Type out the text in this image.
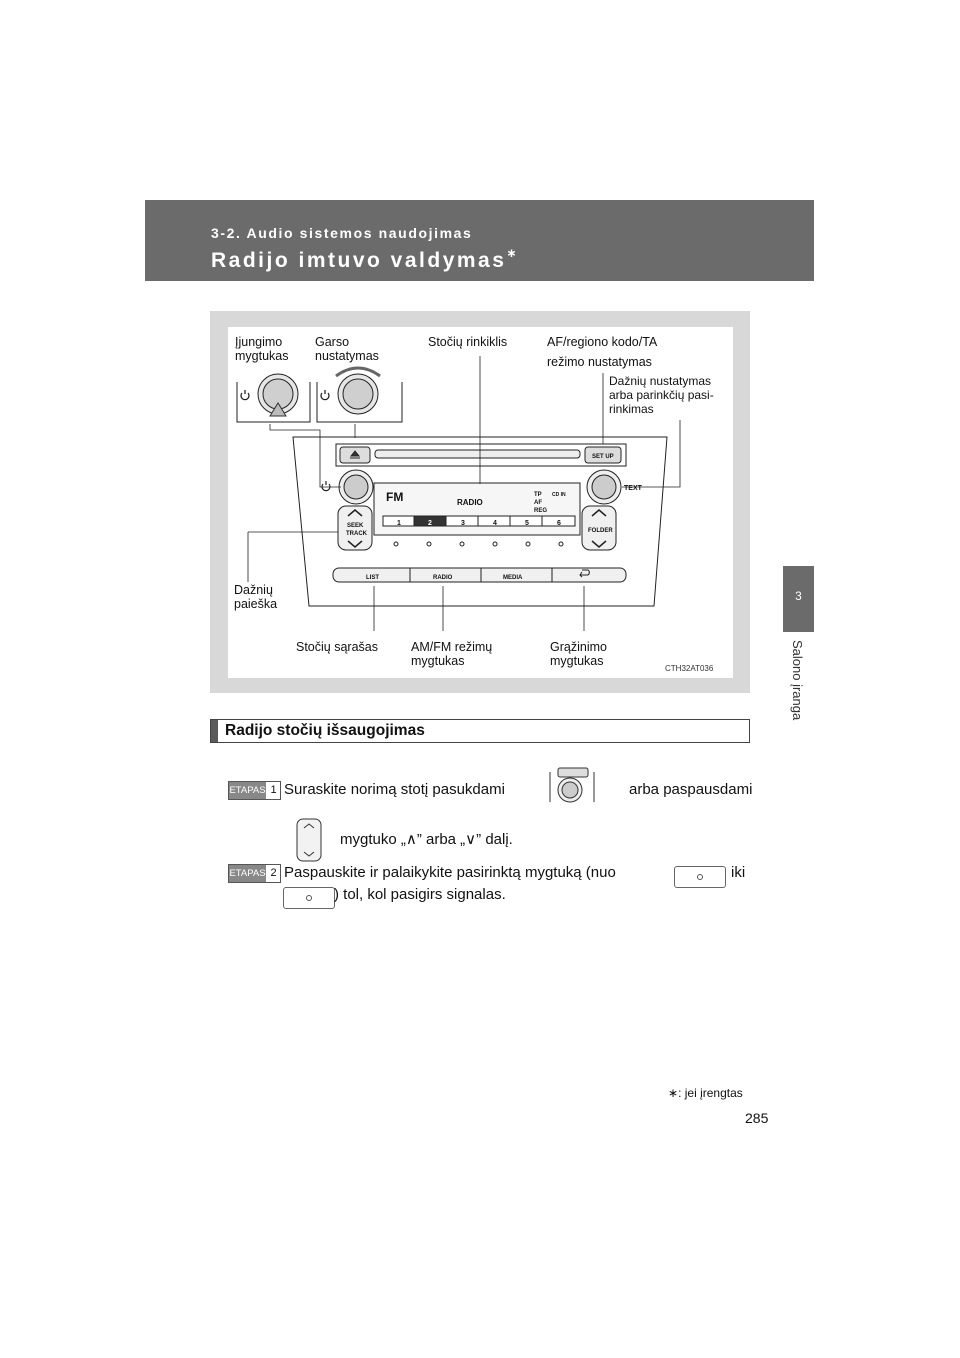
3-2. Audio sistemos naudojimas
Radijo imtuvo valdymas∗
3
Salono įranga
SET UP
TEXT
FM	RADIO
TP
AF
REG
CD IN
1	2	3	4	5	6
SEEK
TRACK	FOLDER
LIST	RADIO	MEDIA
Įjungimo
mygtukas
Garso
nustatymas
Stočių rinkiklis	AF/regiono kodo/TA
režimo nustatymas
Dažnių nustatymas
arba parinkčių pasi-
rinkimas
Dažnių
paieška
Stočių sąrašas	AM/FM režimų
mygtukas
Grąžinimo
mygtukas
CTH32AT036
Radijo stočių išsaugojimas
ETAPAS 1 Suraskite norimą stotį pasukdami	arba paspausdami
mygtuko „∧” arba „∨” dalį.
ETAPAS 2 Paspauskite ir palaikykite pasirinktą mygtuką (nuo	iki
) tol, kol pasigirs signalas.
∗: jei įrengtas
285
